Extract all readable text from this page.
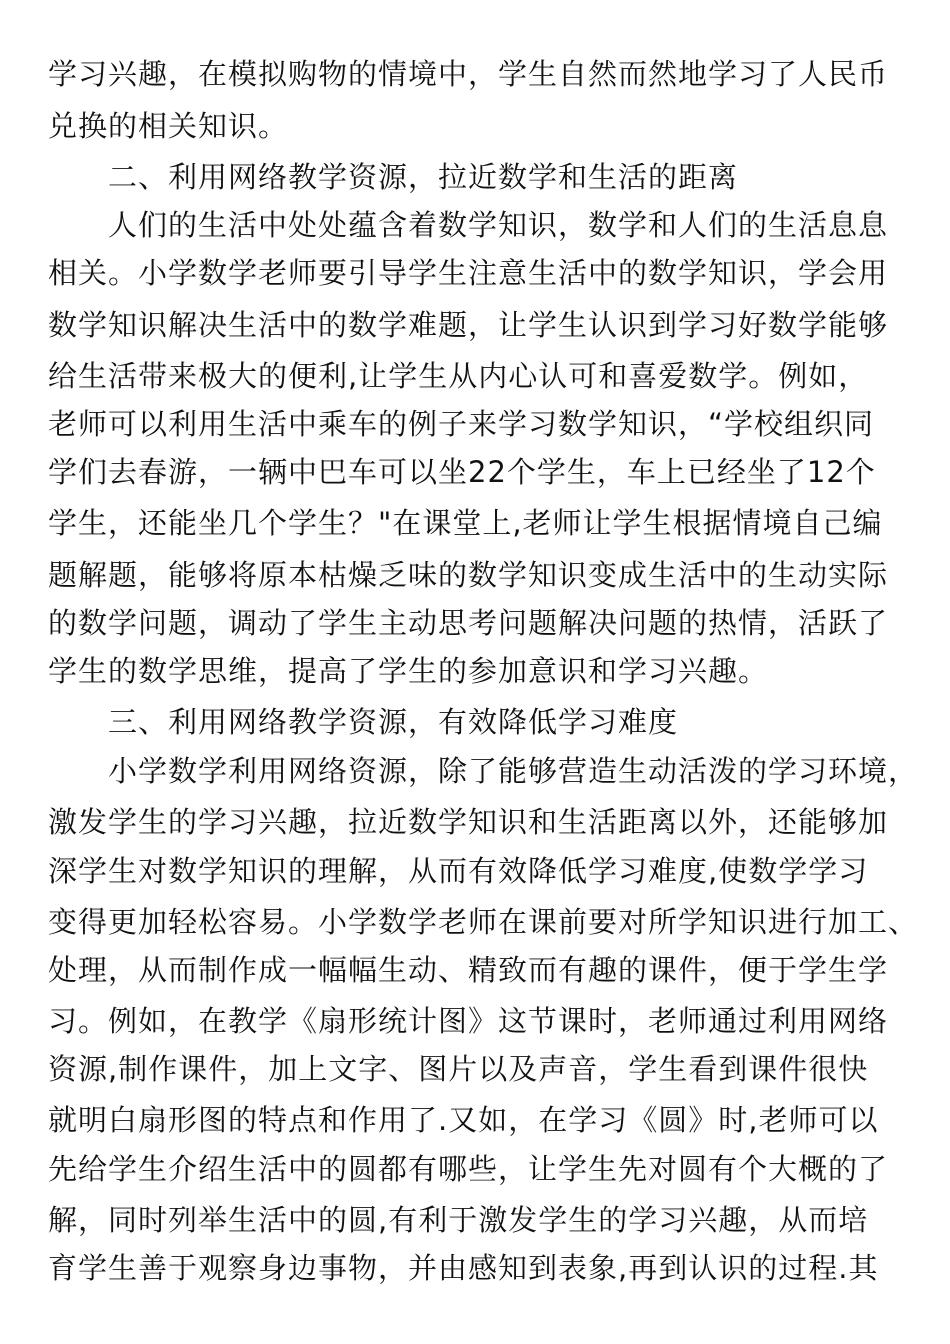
学习兴趣，在模拟购物的情境中，学生自然而然地学习了人民币
兑换的相关知识。
二、利用网络教学资源，拉近数学和生活的距离
人们的生活中处处蕴含着数学知识，数学和人们的生活息息
相关。小学数学老师要引导学生注意生活中的数学知识，学会用
数学知识解决生活中的数学难题，让学生认识到学习好数学能够
给生活带来极大的便利,让学生从内心认可和喜爱数学。例如，
老师可以利用生活中乘车的例子来学习数学知识，“学校组织同
学们去春游，一辆中巴车可以坐22个学生，车上已经坐了12个
学生，还能坐几个学生？"在课堂上,老师让学生根据情境自己编
题解题，能够将原本枯燥乏味的数学知识变成生活中的生动实际
的数学问题，调动了学生主动思考问题解决问题的热情，活跃了
学生的数学思维，提高了学生的参加意识和学习兴趣。
三、利用网络教学资源，有效降低学习难度
小学数学利用网络资源，除了能够营造生动活泼的学习环境，
激发学生的学习兴趣，拉近数学知识和生活距离以外，还能够加
深学生对数学知识的理解，从而有效降低学习难度,使数学学习
变得更加轻松容易。小学数学老师在课前要对所学知识进行加工、
处理，从而制作成一幅幅生动、精致而有趣的课件，便于学生学
习。例如，在教学《扇形统计图》这节课时，老师通过利用网络
资源,制作课件，加上文字、图片以及声音，学生看到课件很快
就明白扇形图的特点和作用了.又如，在学习《圆》时,老师可以
先给学生介绍生活中的圆都有哪些，让学生先对圆有个大概的了
解，同时列举生活中的圆,有利于激发学生的学习兴趣，从而培
育学生善于观察身边事物，并由感知到表象,再到认识的过程.其
